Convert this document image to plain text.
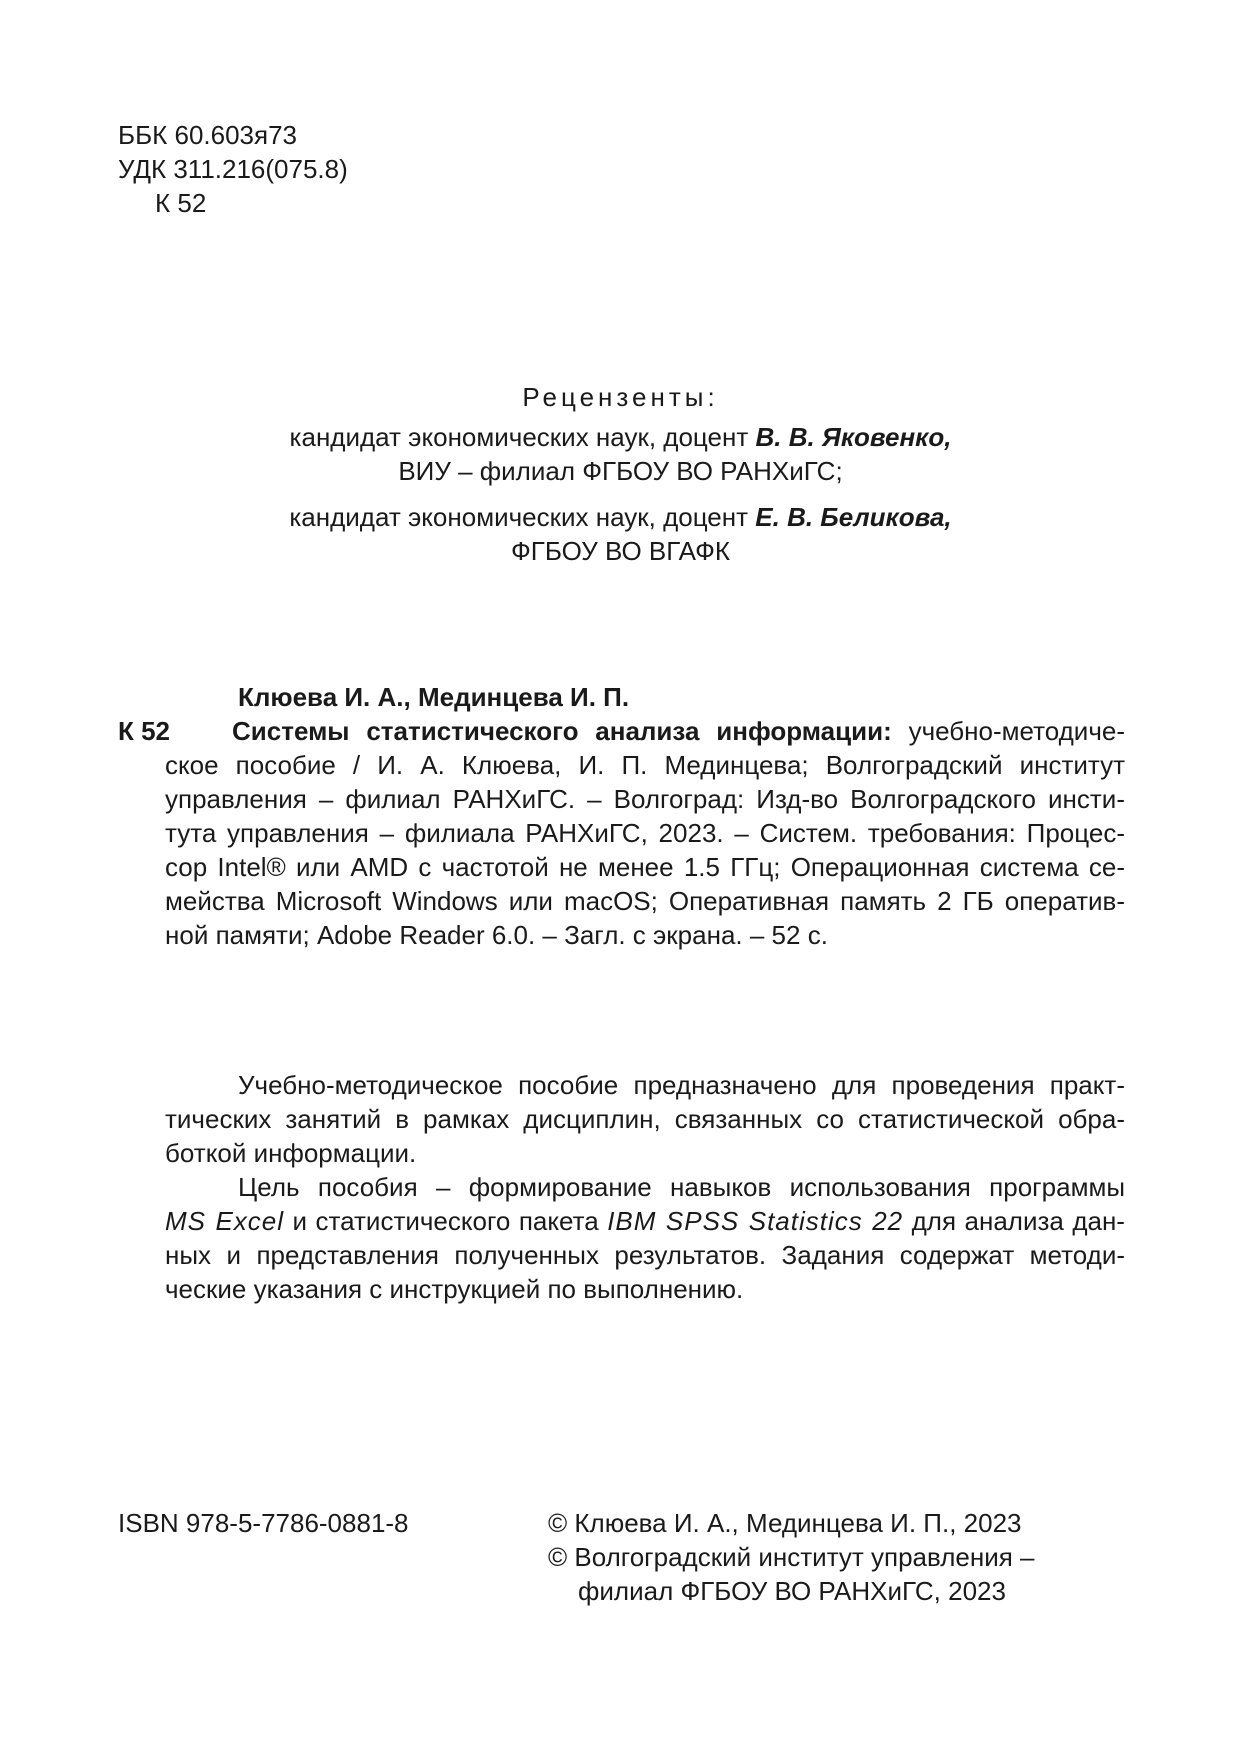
ББК 60.603я73
УДК 311.216(075.8)
К 52
Рецензенты:
кандидат экономических наук, доцент В. В. Яковенко,
ВИУ – филиал ФГБОУ ВО РАНХиГС;
кандидат экономических наук, доцент Е. В. Беликова,
ФГБОУ ВО ВГАФК
Клюева И. А., Мединцева И. П.
К 52 Системы статистического анализа информации: учебно-методиче-
ское пособие / И. А. Клюева, И. П. Мединцева; Волгоградский институт
управления – филиал РАНХиГС. – Волгоград: Изд-во Волгоградского инсти-
тута управления – филиала РАНХиГС, 2023. – Систем. требования: Процес-
сор Intel® или AMD с частотой не менее 1.5 ГГц; Операционная система се-
мейства Microsoft Windows или macOS; Оперативная память 2 ГБ оператив-
ной памяти; Adobe Reader 6.0. – Загл. с экрана. – 52 с.
Учебно-методическое пособие предназначено для проведения практ-
тических занятий в рамках дисциплин, связанных со статистической обра-
боткой информации.
Цель пособия – формирование навыков использования программы
MS Excel и статистического пакета IBM SPSS Statistics 22 для анализа дан-
ных и представления полученных результатов. Задания содержат методи-
ческие указания с инструкцией по выполнению.
ISBN 978-5-7786-0881-8	© Клюева И. А., Мединцева И. П., 2023
© Волгоградский институт управления –
филиал ФГБОУ ВО РАНХиГС, 2023
